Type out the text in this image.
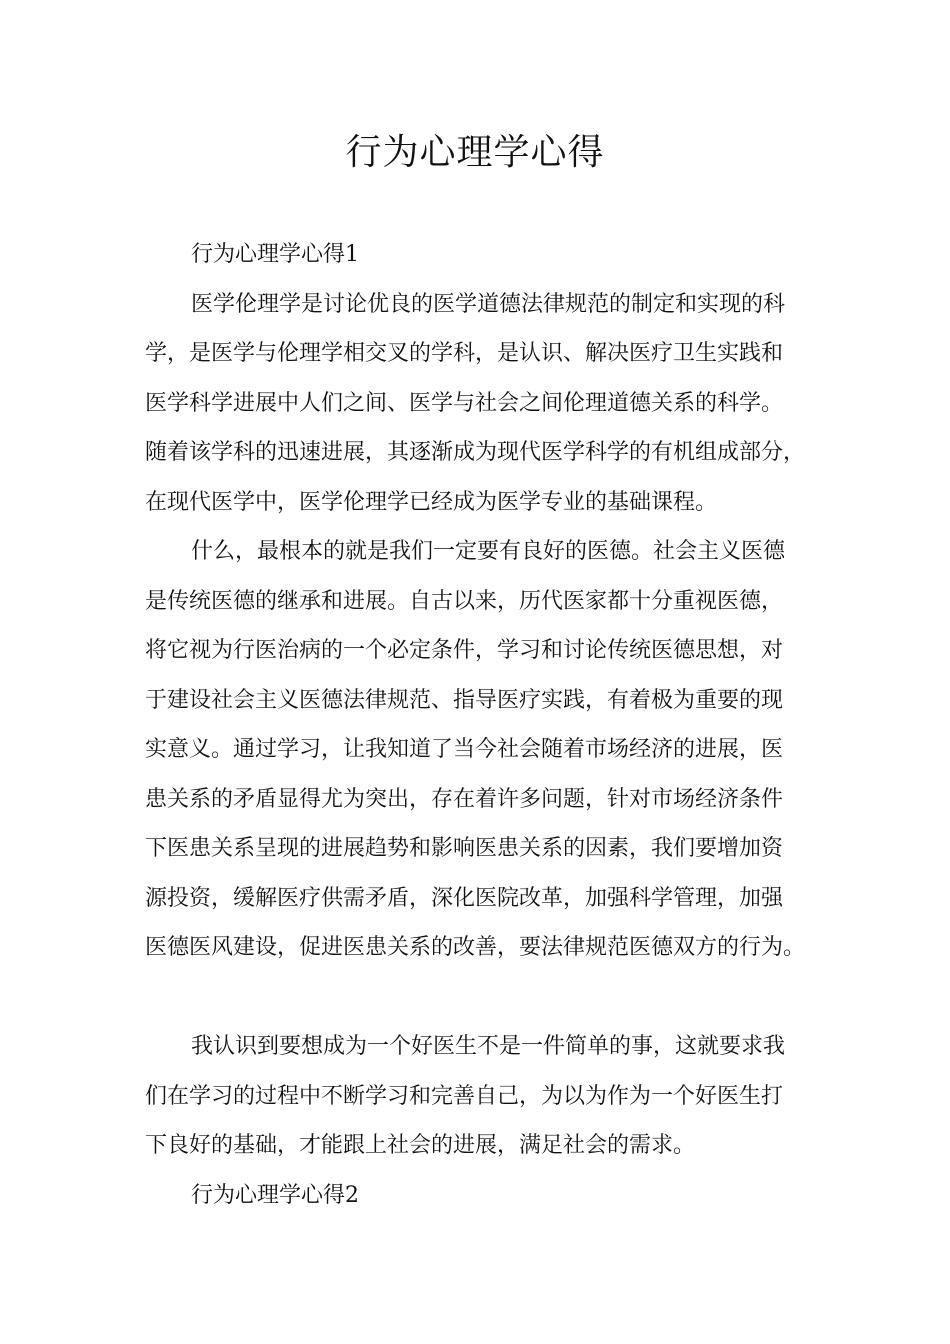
行为心理学心得
行为心理学心得1
医学伦理学是讨论优良的医学道德法律规范的制定和实现的科
学，是医学与伦理学相交叉的学科，是认识、解决医疗卫生实践和
医学科学进展中人们之间、医学与社会之间伦理道德关系的科学。
随着该学科的迅速进展，其逐渐成为现代医学科学的有机组成部分，
在现代医学中，医学伦理学已经成为医学专业的基础课程。
什么，最根本的就是我们一定要有良好的医德。社会主义医德
是传统医德的继承和进展。自古以来，历代医家都十分重视医德，
将它视为行医治病的一个必定条件，学习和讨论传统医德思想，对
于建设社会主义医德法律规范、指导医疗实践，有着极为重要的现
实意义。通过学习，让我知道了当今社会随着市场经济的进展，医
患关系的矛盾显得尤为突出，存在着许多问题，针对市场经济条件
下医患关系呈现的进展趋势和影响医患关系的因素，我们要增加资
源投资，缓解医疗供需矛盾，深化医院改革，加强科学管理，加强
医德医风建设，促进医患关系的改善，要法律规范医德双方的行为。
我认识到要想成为一个好医生不是一件简单的事，这就要求我
们在学习的过程中不断学习和完善自己，为以为作为一个好医生打
下良好的基础，才能跟上社会的进展，满足社会的需求。
行为心理学心得2
